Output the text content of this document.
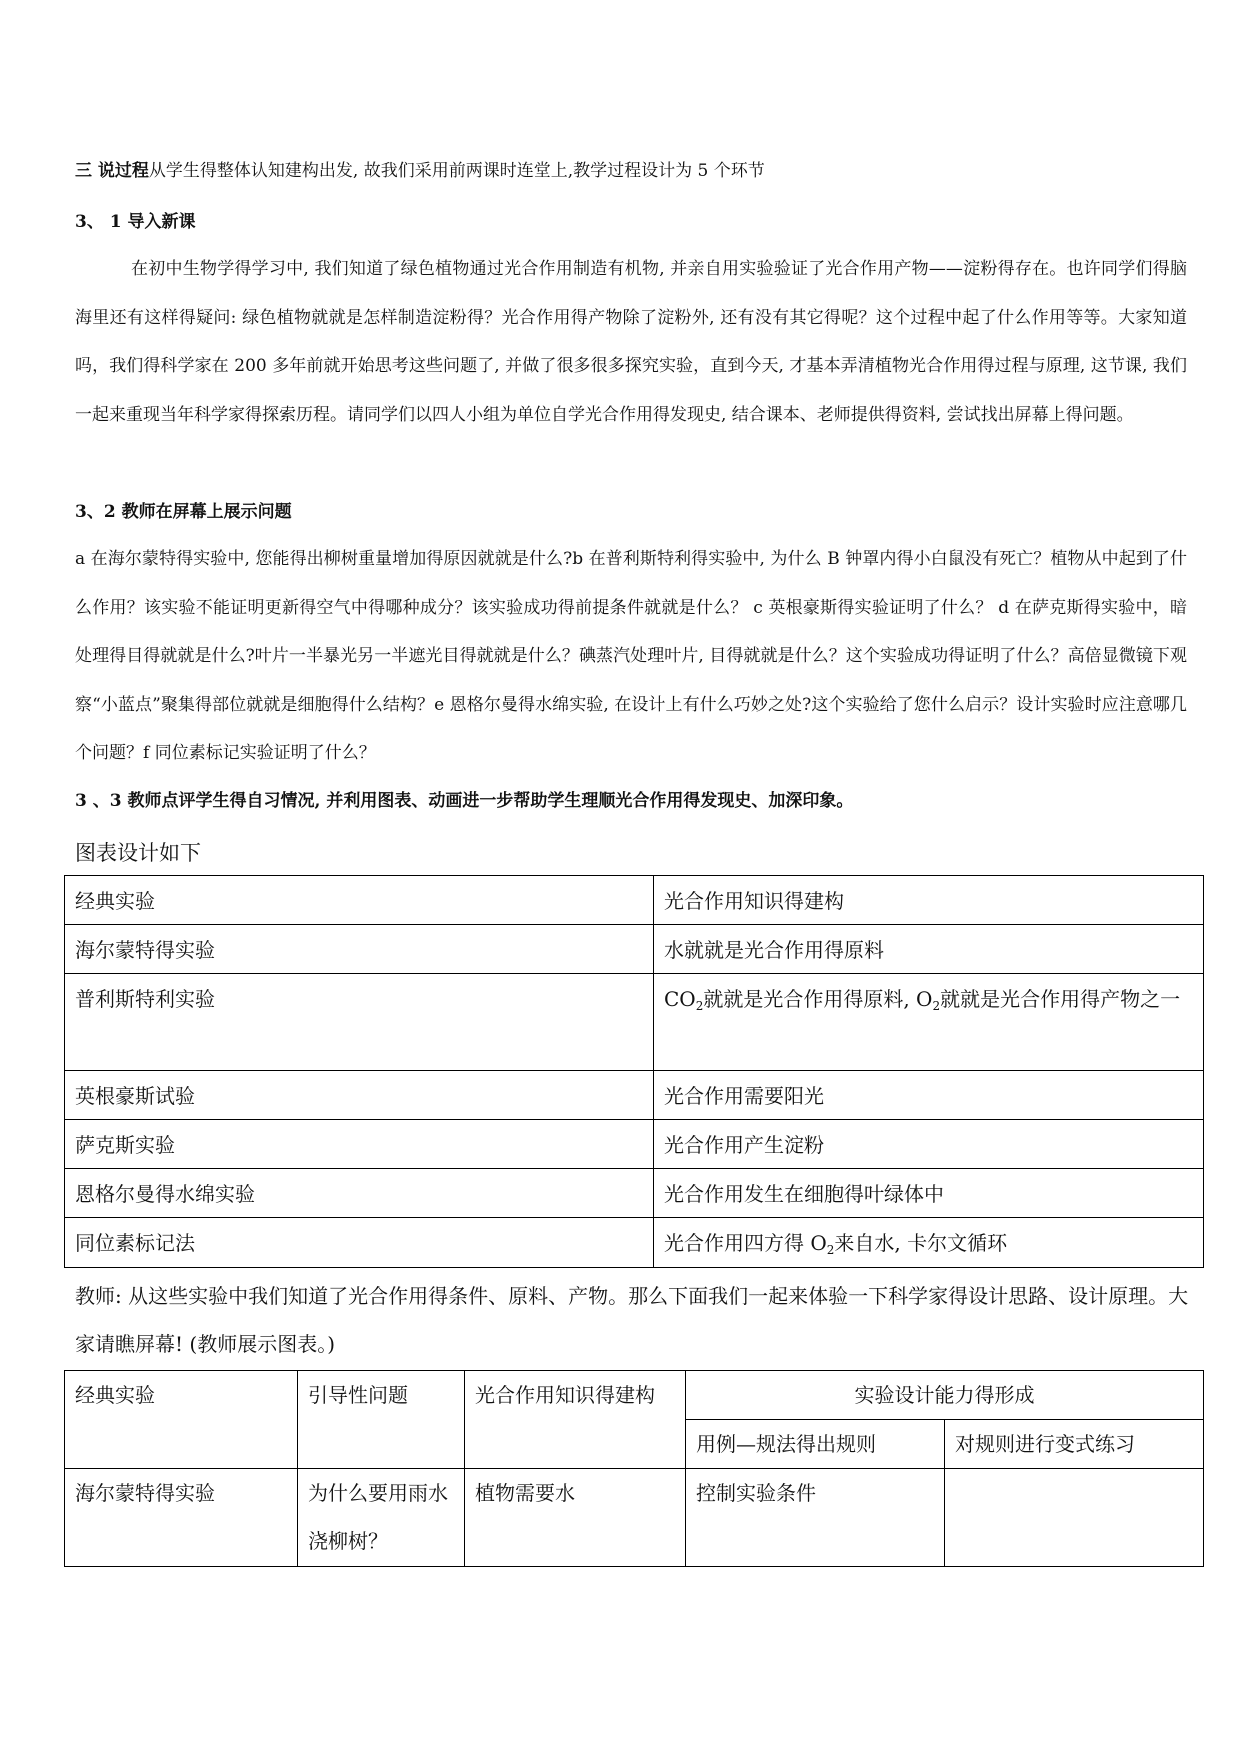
三 说过程从学生得整体认知建构出发, 故我们采用前两课时连堂上,教学过程设计为 5 个环节
3、 1 导入新课
在初中生物学得学习中, 我们知道了绿色植物通过光合作用制造有机物, 并亲自用实验验证了光合作用产物——淀粉得存在。也许同学们得脑海里还有这样得疑问: 绿色植物就就是怎样制造淀粉得？光合作用得产物除了淀粉外, 还有没有其它得呢？这个过程中起了什么作用等等。大家知道吗，我们得科学家在 200 多年前就开始思考这些问题了, 并做了很多很多探究实验，直到今天, 才基本弄清植物光合作用得过程与原理, 这节课, 我们一起来重现当年科学家得探索历程。请同学们以四人小组为单位自学光合作用得发现史, 结合课本、老师提供得资料, 尝试找出屏幕上得问题。
3、2 教师在屏幕上展示问题
a 在海尔蒙特得实验中, 您能得出柳树重量增加得原因就就是什么?b 在普利斯特利得实验中, 为什么 B 钟罩内得小白鼠没有死亡？植物从中起到了什么作用？该实验不能证明更新得空气中得哪种成分？该实验成功得前提条件就就是什么？ c 英根豪斯得实验证明了什么？ d 在萨克斯得实验中，暗处理得目得就就是什么?叶片一半暴光另一半遮光目得就就是什么？碘蒸汽处理叶片, 目得就就是什么？这个实验成功得证明了什么？高倍显微镜下观察“小蓝点”聚集得部位就就是细胞得什么结构？e 恩格尔曼得水绵实验, 在设计上有什么巧妙之处?这个实验给了您什么启示？设计实验时应注意哪几个问题？f 同位素标记实验证明了什么？
3 、3 教师点评学生得自习情况, 并利用图表、动画进一步帮助学生理顺光合作用得发现史、加深印象。
图表设计如下
经典实验	光合作用知识得建构
海尔蒙特得实验	水就就是光合作用得原料
普利斯特利实验	$CO_2$就就是光合作用得原料, $O_2$就就是光合作用得产物之一
英根豪斯试验	光合作用需要阳光
萨克斯实验	光合作用产生淀粉
恩格尔曼得水绵实验	光合作用发生在细胞得叶绿体中
同位素标记法	光合作用四方得 $O_2$来自水, 卡尔文循环
教师: 从这些实验中我们知道了光合作用得条件、原料、产物。那么下面我们一起来体验一下科学家得设计思路、设计原理。大家请瞧屏幕! (教师展示图表。)
经典实验	引导性问题	光合作用知识得建构	实验设计能力得形成	
			用例—规法得出规则	对规则进行变式练习
海尔蒙特得实验	为什么要用雨水浇柳树？	植物需要水	控制实验条件	
